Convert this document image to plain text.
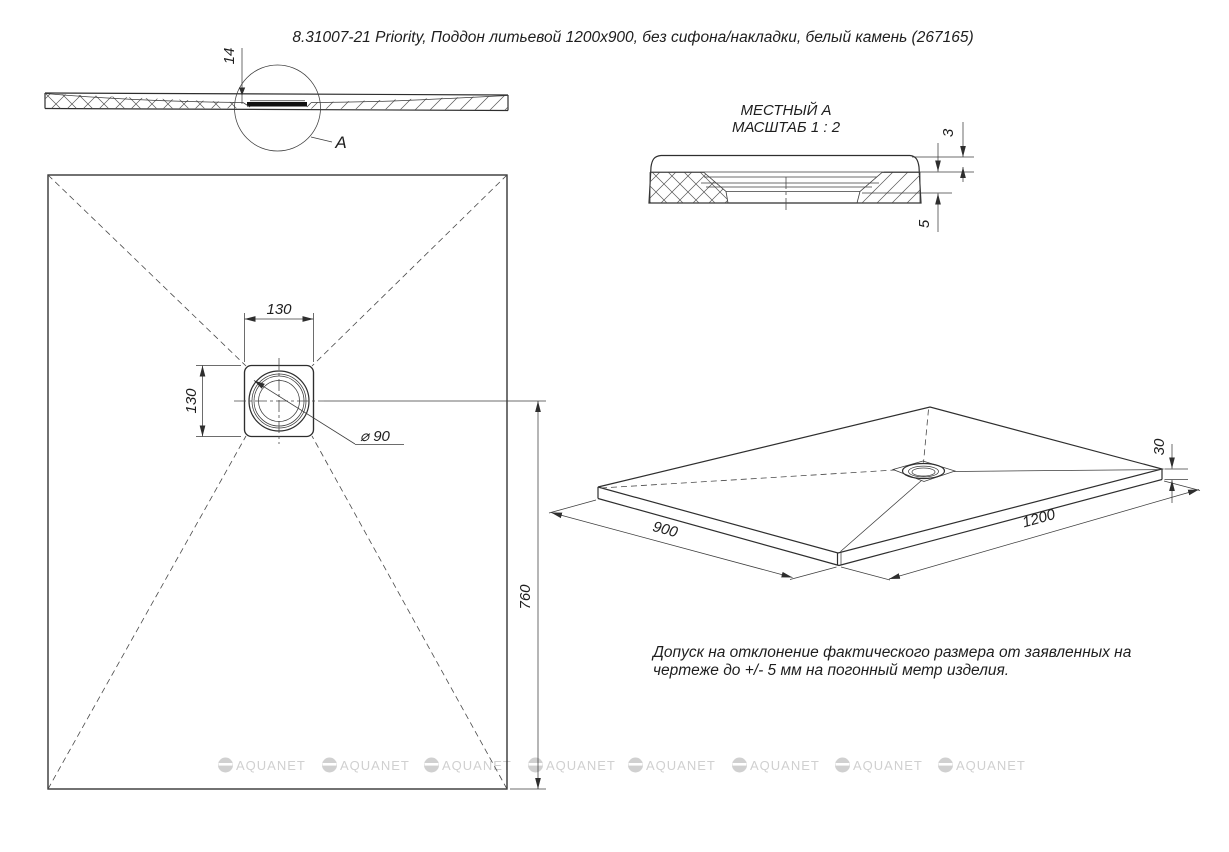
AQUANET	AQUANET AQUANET	AQUANET AQUANET	AQUANET	AQUANET	AQUANET
8.31007-21 Priority, Поддон литьевой 1200x900, без сифона/накладки, белый камень (267165)
A
14
МЕСТНЫЙ А
МАСШТАБ 1 : 2	3
5
130
130
⌀ 90
760
900	1200
30
Допуск на отклонение фактического размера от заявленных на
чертеже до +/- 5 мм на погонный метр изделия.
